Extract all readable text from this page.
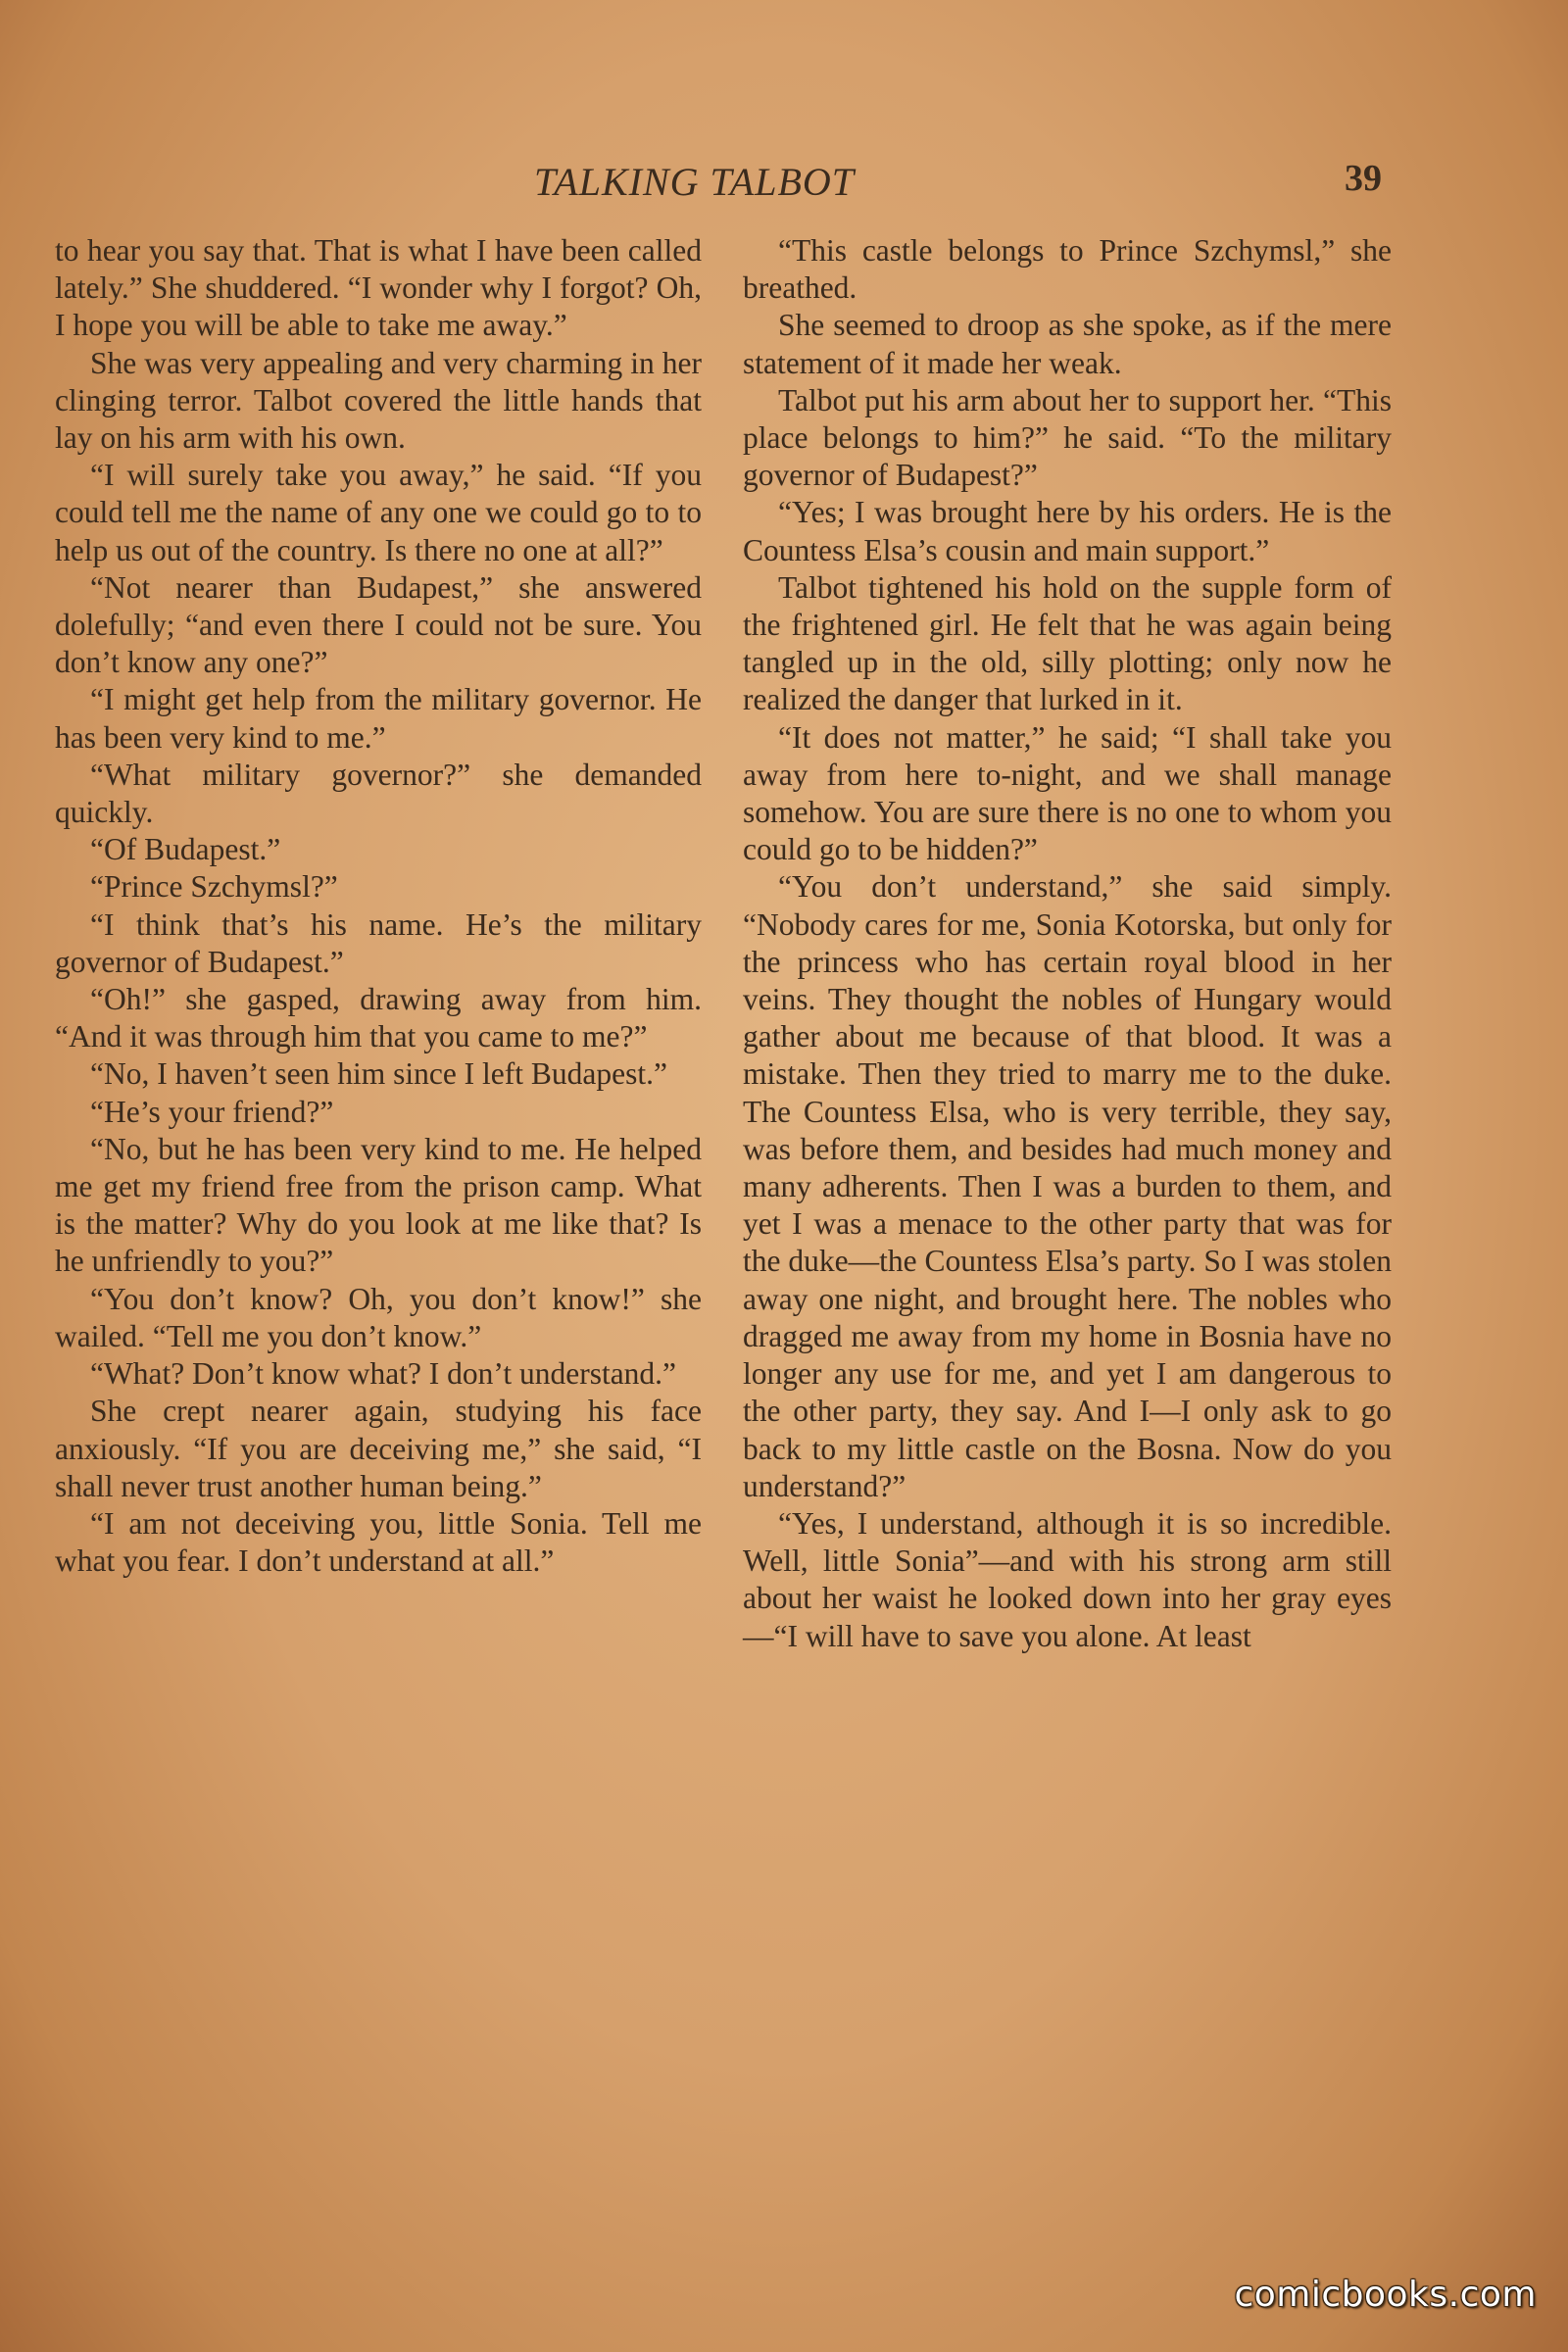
TALKING TALBOT	39

to hear you say that. That is what I have been called lately.” She shuddered. “I wonder why I forgot? Oh, I hope you will be able to take me away.”

She was very appealing and very charming in her clinging terror. Talbot covered the little hands that lay on his arm with his own.

“I will surely take you away,” he said. “If you could tell me the name of any one we could go to to help us out of the country. Is there no one at all?”

“Not nearer than Budapest,” she answered dolefully; “and even there I could not be sure. You don’t know any one?”

“I might get help from the military governor. He has been very kind to me.”

“What military governor?” she demanded quickly.

“Of Budapest.”

“Prince Szchymsl?”

“I think that’s his name. He’s the military governor of Budapest.”

“Oh!” she gasped, drawing away from him. “And it was through him that you came to me?”

“No, I haven’t seen him since I left Budapest.”

“He’s your friend?”

“No, but he has been very kind to me. He helped me get my friend free from the prison camp. What is the matter? Why do you look at me like that? Is he unfriendly to you?”

“You don’t know? Oh, you don’t know!” she wailed. “Tell me you don’t know.”

“What? Don’t know what? I don’t understand.”

She crept nearer again, studying his face anxiously. “If you are deceiving me,” she said, “I shall never trust another human being.”

“I am not deceiving you, little Sonia. Tell me what you fear. I don’t understand at all.”

“This castle belongs to Prince Szchymsl,” she breathed.

She seemed to droop as she spoke, as if the mere statement of it made her weak.

Talbot put his arm about her to support her. “This place belongs to him?” he said. “To the military governor of Budapest?”

“Yes; I was brought here by his orders. He is the Countess Elsa’s cousin and main support.”

Talbot tightened his hold on the supple form of the frightened girl. He felt that he was again being tangled up in the old, silly plotting; only now he realized the danger that lurked in it.

“It does not matter,” he said; “I shall take you away from here to-night, and we shall manage somehow. You are sure there is no one to whom you could go to be hidden?”

“You don’t understand,” she said simply. “Nobody cares for me, Sonia Kotorska, but only for the princess who has certain royal blood in her veins. They thought the nobles of Hungary would gather about me because of that blood. It was a mistake. Then they tried to marry me to the duke. The Countess Elsa, who is very terrible, they say, was before them, and besides had much money and many adherents. Then I was a burden to them, and yet I was a menace to the other party that was for the duke—the Countess Elsa’s party. So I was stolen away one night, and brought here. The nobles who dragged me away from my home in Bosnia have no longer any use for me, and yet I am dangerous to the other party, they say. And I—I only ask to go back to my little castle on the Bosna. Now do you understand?”

“Yes, I understand, although it is so incredible. Well, little Sonia”—and with his strong arm still about her waist he looked down into her gray eyes—“I will have to save you alone. At least

comicbooks.com
